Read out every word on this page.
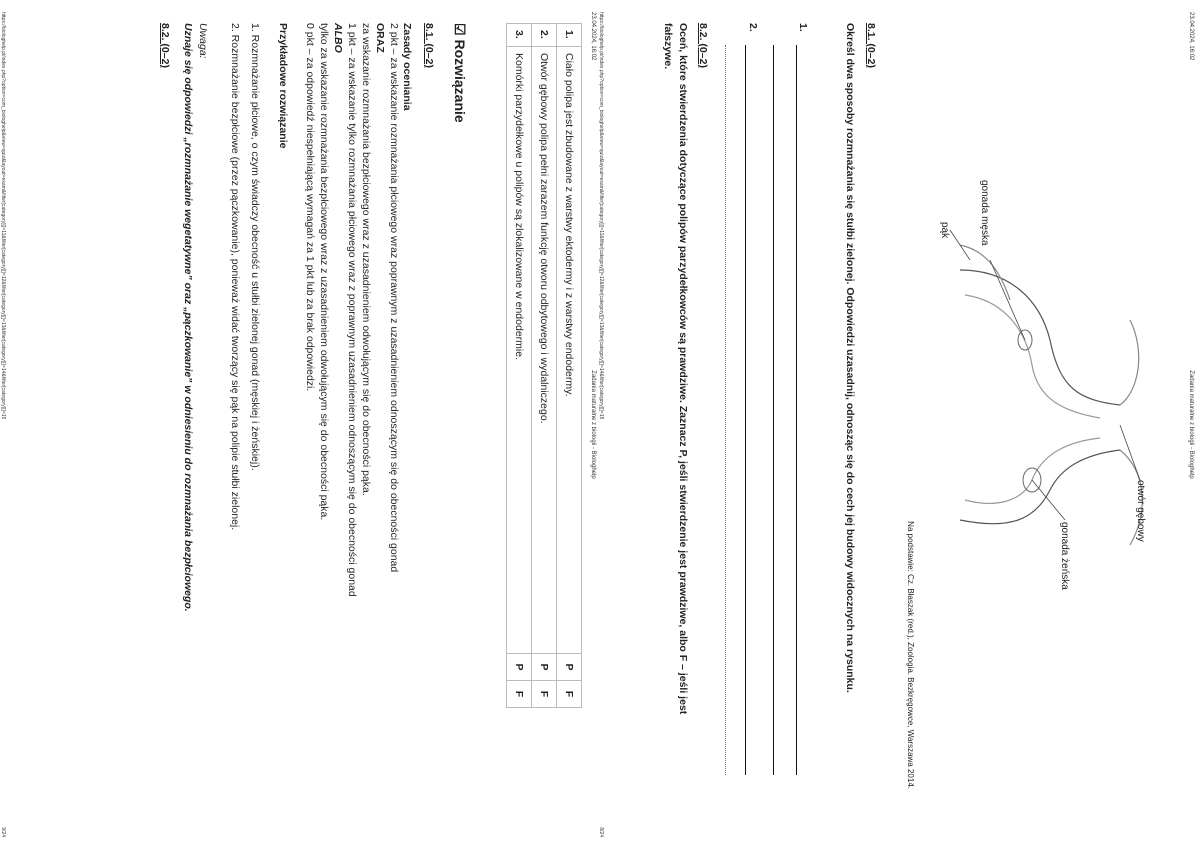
23.04.2024, 16:02
Zadania maturalne z biologii - Biologhelp
otwór gębowy
gonada żeńska
gonada męska
pąk
Na podstawie: Cz. Błaszak (red.), Zoologia. Bezkręgowce, Warszawa 2014.
8.1. (0–2)
Określ dwa sposoby rozmnażania się stułbi zielonej. Odpowiedzi uzasadnij, odnosząc się do cech jej budowy widocznych na rysunku.
1.
2.
8.2. (0–2)
Oceń, które stwierdzenia dotyczące polipów parzydełkowców są prawdziwe. Zaznacz P, jeśli stwierdzenie jest prawdziwe, albo F – jeśli jest fałszywe.
https://biologhelp.pl/index.php?option=com_biologhelp&view=quiz&layout=exam&filter[category][]=11&filter[category][]=12&filter[category][]=13&filter[category][]=14&filter[category][]=15
8/24
23.04.2024, 16:02
Zadania maturalne z biologii - Biologhelp
1.	Ciało polipa jest zbudowane z warstwy ektodermy i z warstwy endodermy.	P	F
2.	Otwór gębowy polipa pełni zarazem funkcję otworu odbytowego i wydalniczego.	P	F
3.	Komórki parzydełkowe u polipów są zlokalizowane w endodermie.	P	F
☑ Rozwiązanie
8.1. (0–2)
Zasady oceniania
2 pkt – za wskazanie rozmnażania płciowego wraz poprawnym z uzasadnieniem odnoszącym się do obecności gonad
ORAZ
za wskazanie rozmnażania bezpłciowego wraz z uzasadnieniem odwołującym się do obecności pąka.
1 pkt – za wskazanie tylko rozmnażania płciowego wraz z poprawnym uzasadnieniem odnoszącym się do obecności gonad
ALBO
tylko za wskazanie rozmnażania bezpłciowego wraz z uzasadnieniem odwołującym się do obecności pąka.
0 pkt – za odpowiedź niespełniającą wymagań za 1 pkt lub za brak odpowiedzi.
Przykładowe rozwiązanie
1. Rozmnażanie płciowe, o czym świadczy obecność u stułbi zielonej gonad (męskiej i żeńskiej).
2. Rozmnażanie bezpłciowe (przez pączkowanie), ponieważ widać tworzący się pąk na polipie stułbi zielonej.
Uwaga:
Uznaje się odpowiedzi „rozmnażanie wegetatywne” oraz „pączkowanie” w odniesieniu do rozmnażania bezpłciowego.
8.2. (0–2)
https://biologhelp.pl/index.php?option=com_biologhelp&view=quiz&layout=exam&filter[category][]=11&filter[category][]=12&filter[category][]=13&filter[category][]=14&filter[category][]=15
9/24
